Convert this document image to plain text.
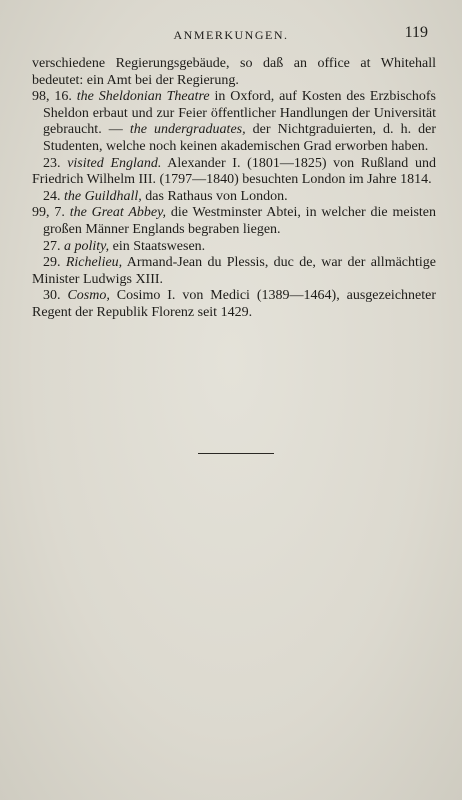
ANMERKUNGEN.	119

verschiedene Regierungsgebäude, so daß an office at Whitehall bedeutet: ein Amt bei der Regierung.

98, 16. the Sheldonian Theatre in Oxford, auf Kosten des Erzbischofs Sheldon erbaut und zur Feier öffentlicher Handlungen der Universität gebraucht. — the undergraduates, der Nichtgraduierten, d. h. der Studenten, welche noch keinen akademischen Grad erworben haben.

23. visited England. Alexander I. (1801—1825) von Rußland und Friedrich Wilhelm III. (1797—1840) besuchten London im Jahre 1814.

24. the Guildhall, das Rathaus von London.

99, 7. the Great Abbey, die Westminster Abtei, in welcher die meisten großen Männer Englands begraben liegen.

27. a polity, ein Staatswesen.

29. Richelieu, Armand-Jean du Plessis, duc de, war der allmächtige Minister Ludwigs XIII.

30. Cosmo, Cosimo I. von Medici (1389—1464), ausgezeichneter Regent der Republik Florenz seit 1429.
